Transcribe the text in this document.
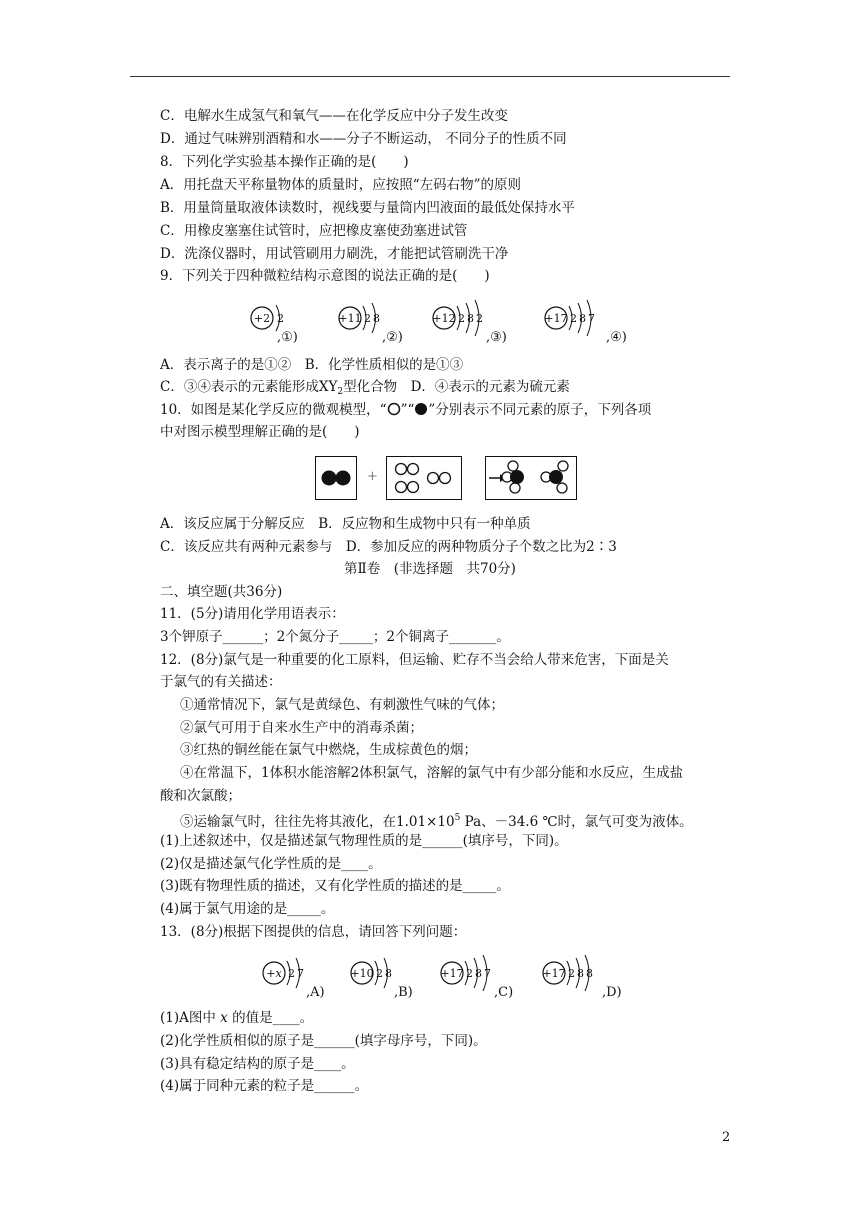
C．电解水生成氢气和氧气——在化学反应中分子发生改变
D．通过气味辨别酒精和水——分子不断运动， 不同分子的性质不同
8．下列化学实验基本操作正确的是(　　)
A．用托盘天平称量物体的质量时，应按照“左码右物”的原则
B．用量筒量取液体读数时，视线要与量筒内凹液面的最低处保持水平
C．用橡皮塞塞住试管时，应把橡皮塞使劲塞进试管
D．洗涤仪器时，用试管刷用力刷洗，才能把试管刷洗干净
9．下列关于四种微粒结构示意图的说法正确的是(　　)
+2 2
,①)
+11 2 8
,②)
+12 2 8 2
,③)
+17 2 8 7
,④)
A．表示离子的是①②　B．化学性质相似的是①③
C．③④表示的元素能形成$XY_2$型化合物　D．④表示的元素为硫元素
10．如图是某化学反应的微观模型，“ ”“ ”分别表示不同元素的原子，下列各项
中对图示模型理解正确的是(　　)
+
A．该反应属于分解反应　B．反应物和生成物中只有一种单质
C．该反应共有两种元素参与　D．参加反应的两种物质分子个数之比为2∶3
第Ⅱ卷　(非选择题　共70分)
二、填空题(共36分)
11．(5分)请用化学用语表示：
3个钾原子______；2个氮分子_____；2个铜离子_______。
12．(8分)氯气是一种重要的化工原料，但运输、贮存不当会给人带来危害，下面是关
于氯气的有关描述：
①通常情况下，氯气是黄绿色、有刺激性气味的气体；
②氯气可用于自来水生产中的消毒杀菌；
③红热的铜丝能在氯气中燃烧，生成棕黄色的烟；
④在常温下，1体积水能溶解2体积氯气，溶解的氯气中有少部分能和水反应，生成盐
酸和次氯酸；
⑤运输氯气时，往往先将其液化，在$1.01\times 10^5$ Pa、－34.6 ℃时，氯气可变为液体。
(1)上述叙述中，仅是描述氯气物理性质的是______(填序号，下同)。
(2)仅是描述氯气化学性质的是____。
(3)既有物理性质的描述，又有化学性质的描述的是_____。
(4)属于氯气用途的是_____。
13．(8分)根据下图提供的信息，请回答下列问题：
+x 2 7
,A)
+10 2 8
,B)
+17 2 8 7
,C)
+17 2 8 8
,D)
(1)A图中 x 的值是____。
(2)化学性质相似的原子是______(填字母序号，下同)。
(3)具有稳定结构的原子是____。
(4)属于同种元素的粒子是______。
2
